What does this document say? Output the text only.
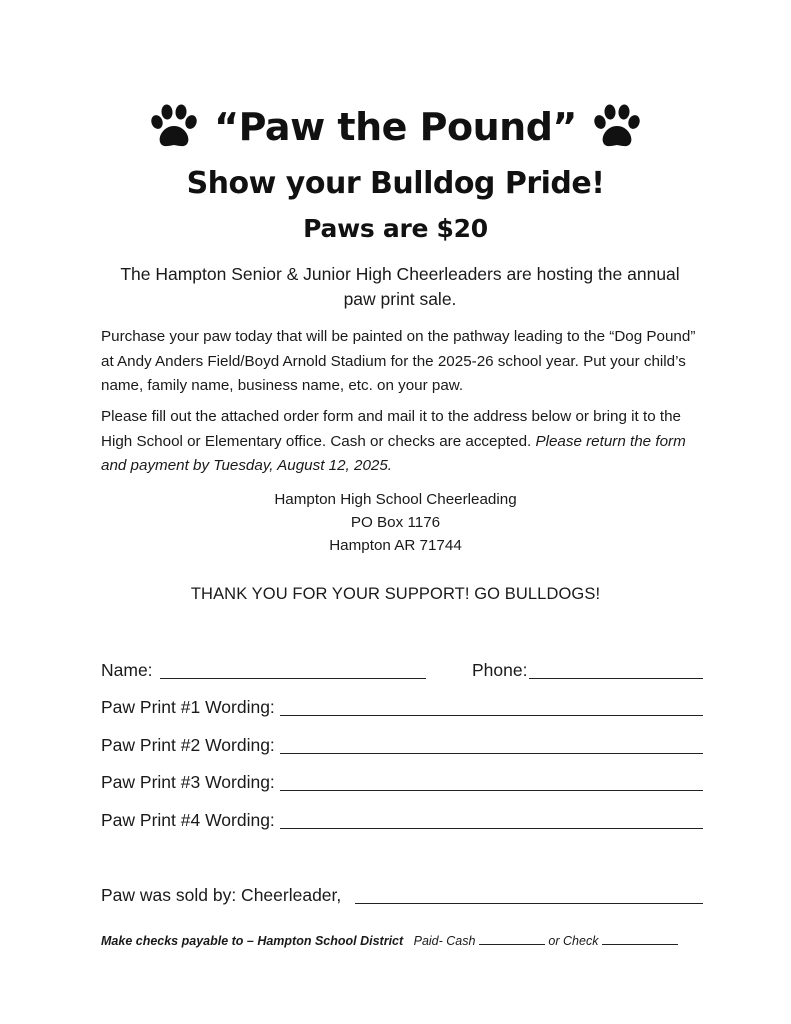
“Paw the Pound”
Show your Bulldog Pride!
Paws are $20
The Hampton Senior & Junior High Cheerleaders are hosting the annual paw print sale.
Purchase your paw today that will be painted on the pathway leading to the “Dog Pound” at Andy Anders Field/Boyd Arnold Stadium for the 2025-26 school year. Put your child’s name, family name, business name, etc. on your paw.
Please fill out the attached order form and mail it to the address below or bring it to the High School or Elementary office. Cash or checks are accepted. Please return the form and payment by Tuesday, August 12, 2025.
Hampton High School Cheerleading
PO Box 1176
Hampton AR 71744
THANK YOU FOR YOUR SUPPORT! GO BULLDOGS!
Name:	Phone:
Paw Print #1 Wording:
Paw Print #2 Wording:
Paw Print #3 Wording:
Paw Print #4 Wording:
Paw was sold by: Cheerleader,
Make checks payable to – Hampton School District Paid- Cash	or Check
